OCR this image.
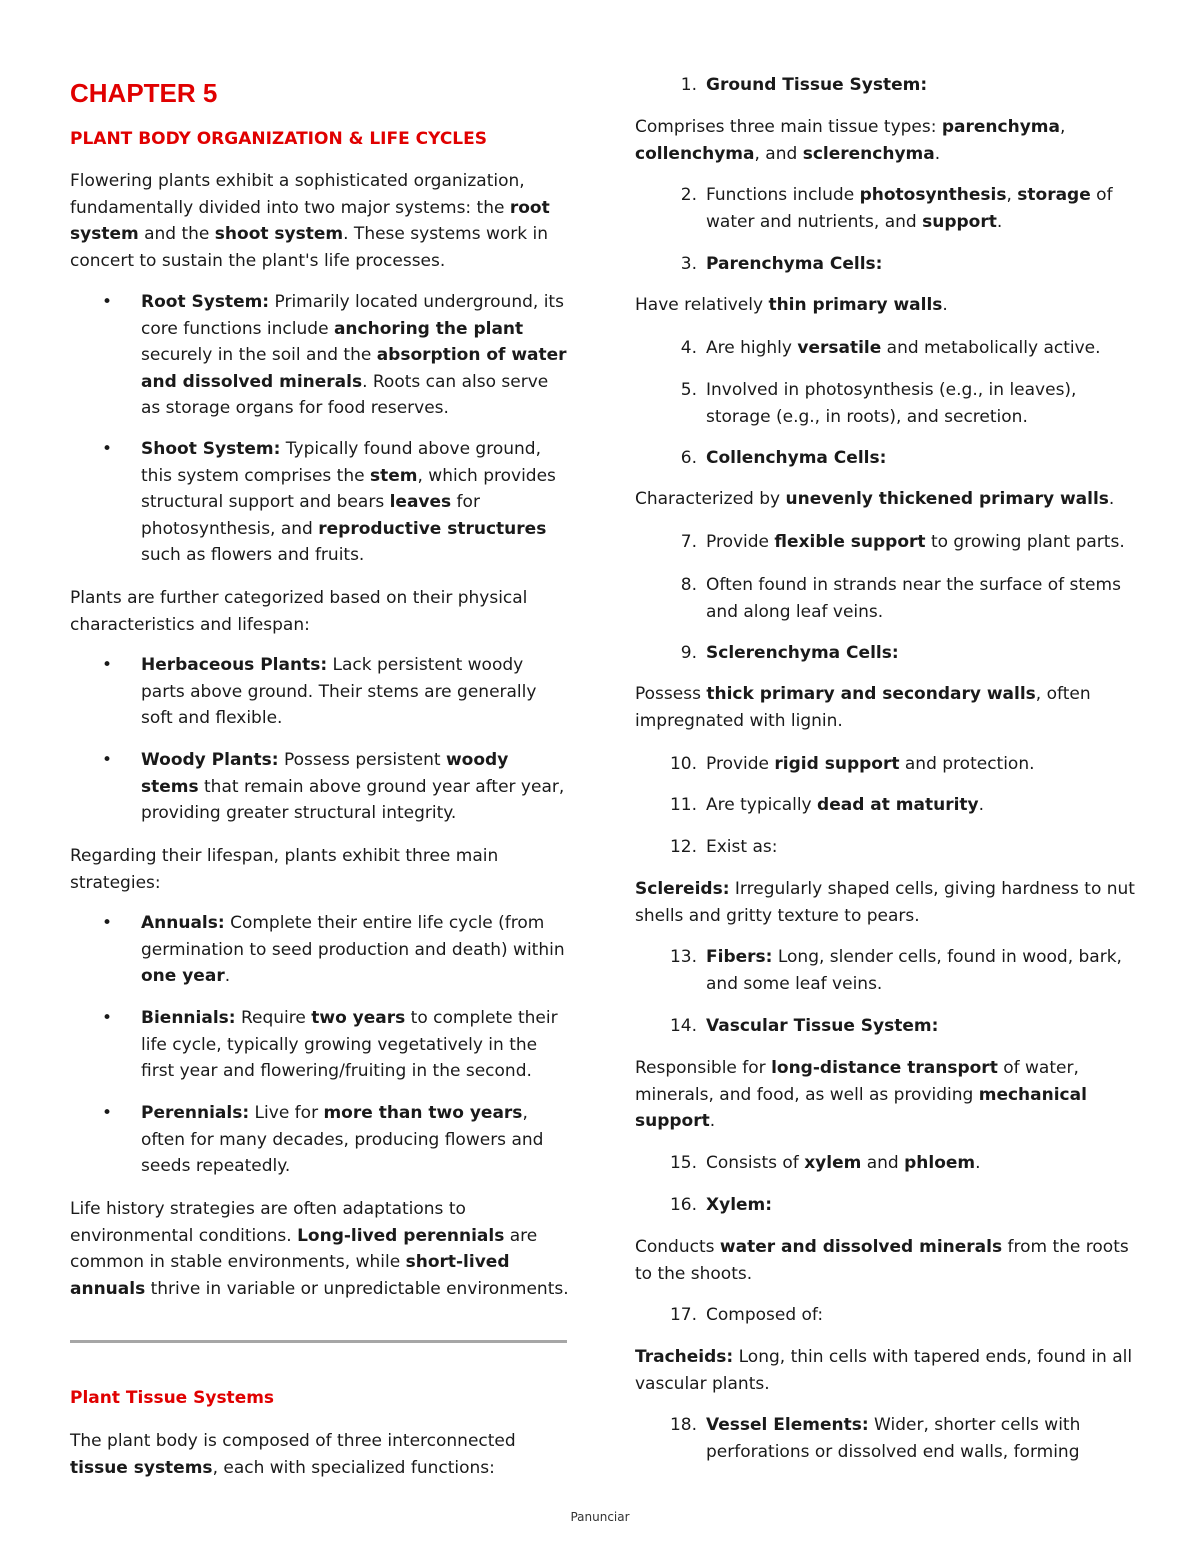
CHAPTER 5

PLANT BODY ORGANIZATION & LIFE CYCLES

Flowering plants exhibit a sophisticated organization, fundamentally divided into two major systems: the root system and the shoot system. These systems work in concert to sustain the plant's life processes.

• Root System: Primarily located underground, its core functions include anchoring the plant securely in the soil and the absorption of water and dissolved minerals. Roots can also serve as storage organs for food reserves.

• Shoot System: Typically found above ground, this system comprises the stem, which provides structural support and bears leaves for photosynthesis, and reproductive structures such as flowers and fruits.

Plants are further categorized based on their physical characteristics and lifespan:

• Herbaceous Plants: Lack persistent woody parts above ground. Their stems are generally soft and flexible.

• Woody Plants: Possess persistent woody stems that remain above ground year after year, providing greater structural integrity.

Regarding their lifespan, plants exhibit three main strategies:

• Annuals: Complete their entire life cycle (from germination to seed production and death) within one year.

• Biennials: Require two years to complete their life cycle, typically growing vegetatively in the first year and flowering/fruiting in the second.

• Perennials: Live for more than two years, often for many decades, producing flowers and seeds repeatedly.

Life history strategies are often adaptations to environmental conditions. Long-lived perennials are common in stable environments, while short-lived annuals thrive in variable or unpredictable environments.

Plant Tissue Systems

The plant body is composed of three interconnected tissue systems, each with specialized functions:

1. Ground Tissue System:

Comprises three main tissue types: parenchyma, collenchyma, and sclerenchyma.

2. Functions include photosynthesis, storage of water and nutrients, and support.

3. Parenchyma Cells:

Have relatively thin primary walls.

4. Are highly versatile and metabolically active.

5. Involved in photosynthesis (e.g., in leaves), storage (e.g., in roots), and secretion.

6. Collenchyma Cells:

Characterized by unevenly thickened primary walls.

7. Provide flexible support to growing plant parts.

8. Often found in strands near the surface of stems and along leaf veins.

9. Sclerenchyma Cells:

Possess thick primary and secondary walls, often impregnated with lignin.

10. Provide rigid support and protection.

11. Are typically dead at maturity.

12. Exist as:

Sclereids: Irregularly shaped cells, giving hardness to nut shells and gritty texture to pears.

13. Fibers: Long, slender cells, found in wood, bark, and some leaf veins.

14. Vascular Tissue System:

Responsible for long-distance transport of water, minerals, and food, as well as providing mechanical support.

15. Consists of xylem and phloem.

16. Xylem:

Conducts water and dissolved minerals from the roots to the shoots.

17. Composed of:

Tracheids: Long, thin cells with tapered ends, found in all vascular plants.

18. Vessel Elements: Wider, shorter cells with perforations or dissolved end walls, forming

Panunciar
